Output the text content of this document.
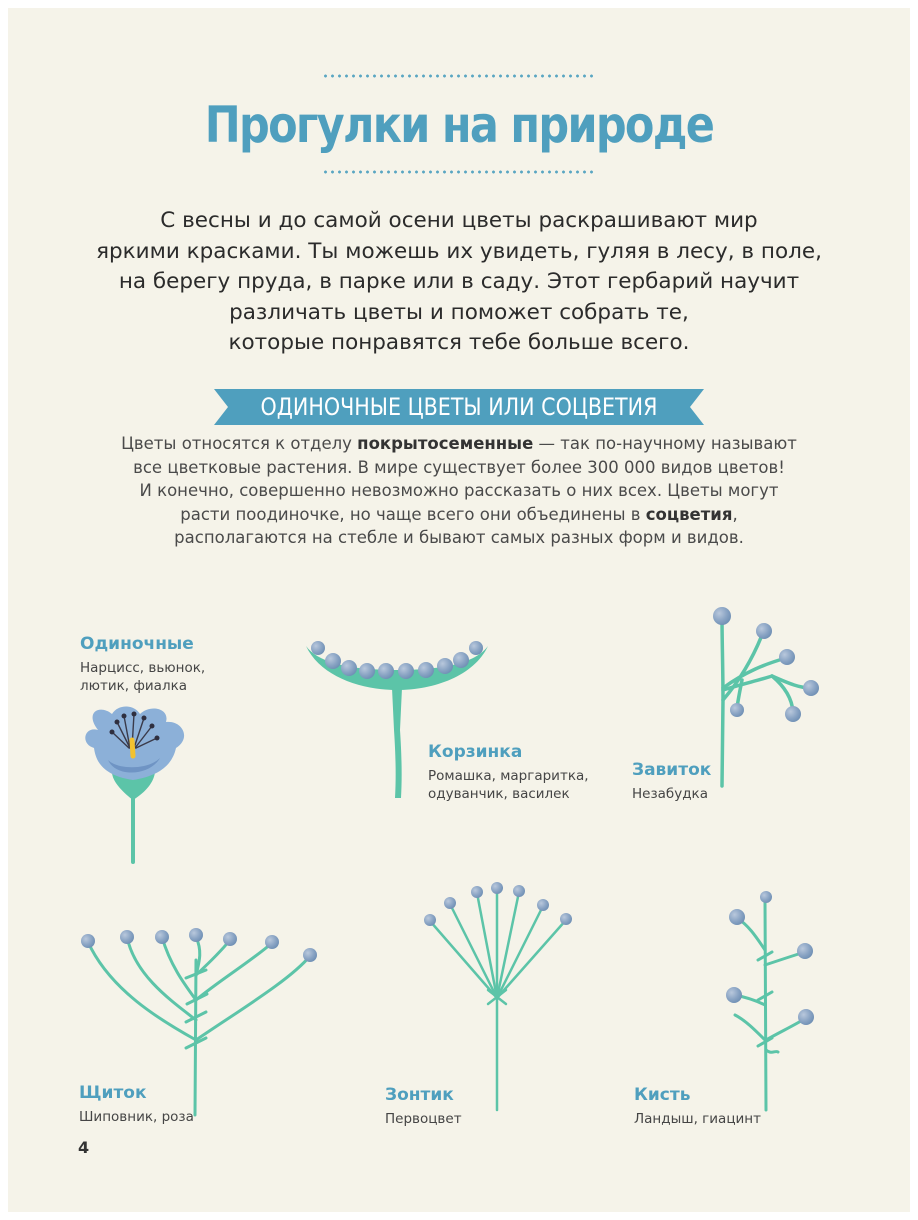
Прогулки на природе
С весны и до самой осени цветы раскрашивают мир
яркими красками. Ты можешь их увидеть, гуляя в лесу, в поле,
на берегу пруда, в парке или в саду. Этот гербарий научит
различать цветы и поможет собрать те,
которые понравятся тебе больше всего.
ОДИНОЧНЫЕ ЦВЕТЫ ИЛИ СОЦВЕТИЯ
Цветы относятся к отделу покрытосеменные — так по-научному называют
все цветковые растения. В мире существует более 300 000 видов цветов!
И конечно, совершенно невозможно рассказать о них всех. Цветы могут
расти поодиночке, но чаще всего они объединены в соцветия,
располагаются на стебле и бывают самых разных форм и видов.
Одиночные
Нарцисс, вьюнок,
лютик, фиалка
Корзинка
Ромашка, маргаритка,
одуванчик, василек
Завиток
Незабудка
Щиток
Шиповник, роза
Зонтик
Первоцвет
Кисть
Ландыш, гиацинт
4
